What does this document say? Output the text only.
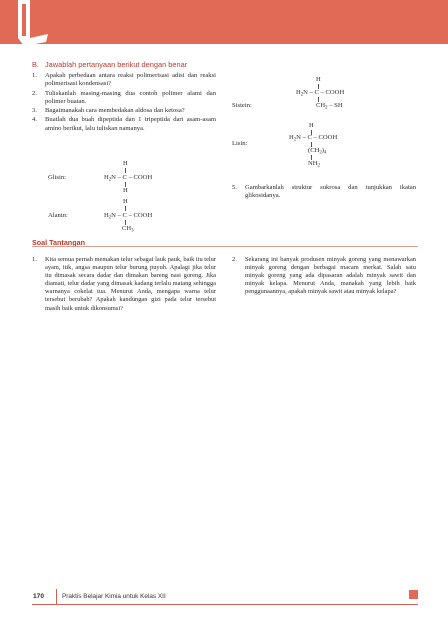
B. Jawablah pertanyaan berikut dengan benar
1. Apakah perbedaan antara reaksi polimerisasi adisi dan reaksi polimerisasi kondensasi?
2. Tuliskanlah masing-masing dua contoh polimer alami dan polimer buatan.
3. Bagaimanakah cara membedakan aldosa dan ketosa?
4. Buatlah dua buah dipeptida dan 1 tripeptida dari asam-asam amino berikut, lalu tuliskan namanya.
Glisin:
H
$H_2N$ – C – COOH
H
Alanin:
H
$H_2N$ – C – COOH
$CH_3$
Sistein:
H
$H_2N$ – C – COOH
$CH_2$ – SH
Lisin:
H
$H_2N$ – C – COOH
$(CH_2)_4$
$NH_2$
5. Gambarkanlah struktur sukrosa dan tunjukkan ikatan glikosidanya.
Soal Tantangan
1. Kita semua pernah memakan telur sebagai lauk pauk, baik itu telur ayam, itik, angsa maupun telur burung puyuh. Apalagi jika telur itu dimasak secara dadar dan dimakan bareng nasi goreng. Jika diamati, telur dadar yang dimasak kadang terlalu matang sehingga warnanya cokelat tua. Menurut Anda, mengapa warna telur tersebut berubah? Apakah kandungan gizi pada telur tersebut masih baik untuk dikonsumsi?
2. Sekarang ini banyak produsen minyak goreng yang menawarkan minyak goreng dengan berbagai macam merkat. Salah satu minyak goreng yang ada dipasaran adalah minyak sawit dan minyak kelapa. Menurut Anda, manakah yang lebih baik penggunaannya, apakah minyak sawit atau minyak kelapa?
170	Praktis Belajar Kimia untuk Kelas XII
